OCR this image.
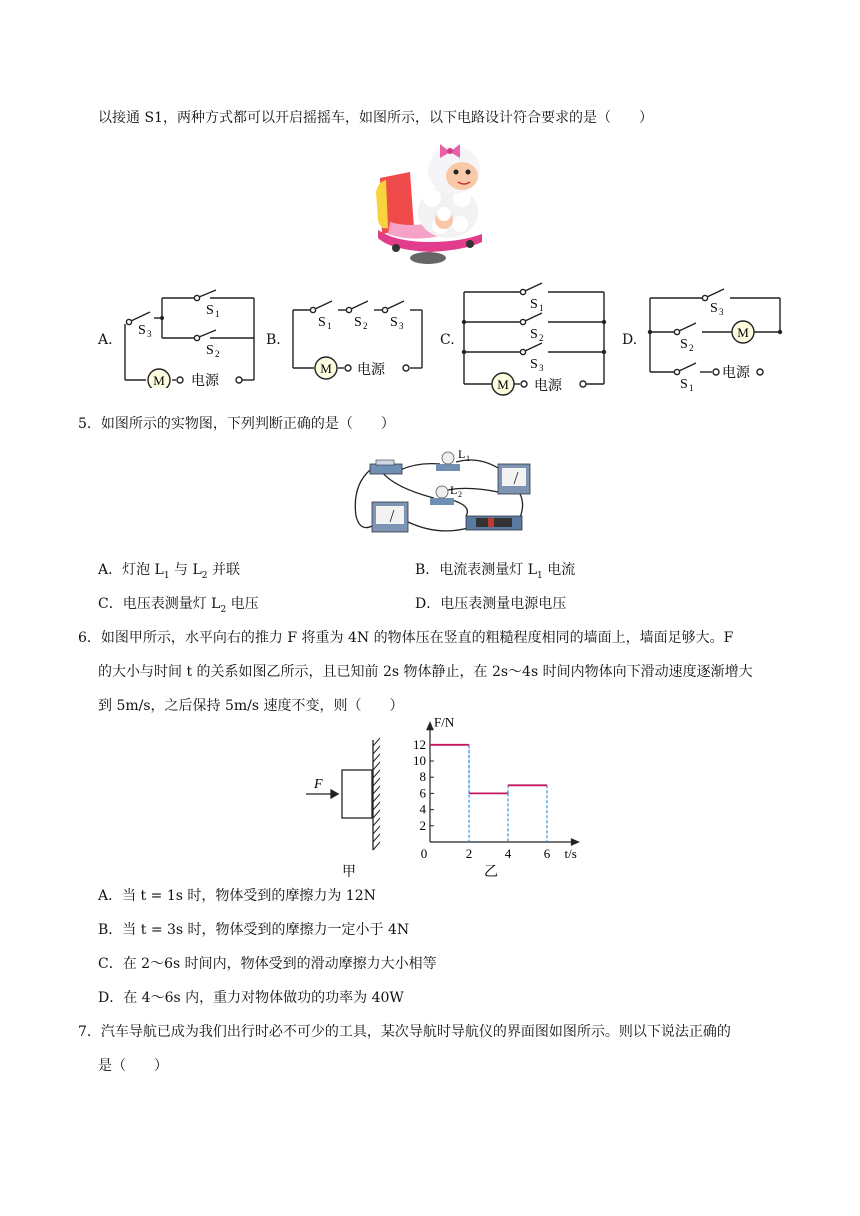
以接通 S1，两种方式都可以开启摇摇车，如图所示，以下电路设计符合要求的是（　　）
A.
M 电源
S 1
S 2
S 3	B.
M 电源
S 1 S 2 S 3
C.
M 电源
S 1
S 2
S 3
D.	M
电源
S 1
S 2
S 3
5．如图所示的实物图，下列判断正确的是（　　）
L 1
L 2
A．灯泡 $L_1$ 与 $L_2$ 并联	B．电流表测量灯 $L_1$ 电流
C．电压表测量灯 $L_2$ 电压	D．电压表测量电源电压
6．如图甲所示，水平向右的推力 F 将重为 4N 的物体压在竖直的粗糙程度相同的墙面上，墙面足够大。F
的大小与时间 t 的关系如图乙所示，且已知前 2s 物体静止，在 2s～4s 时间内物体向下滑动速度逐渐增大
到 5m/s，之后保持 5m/s 速度不变，则（　　）
F
甲
2
4
6
8
10
12
0	2	4	6
F/N
t/s
乙
A．当 t = 1s 时，物体受到的摩擦力为 12N
B．当 t = 3s 时，物体受到的摩擦力一定小于 4N
C．在 2～6s 时间内，物体受到的滑动摩擦力大小相等
D．在 4～6s 内，重力对物体做功的功率为 40W
7．汽车导航已成为我们出行时必不可少的工具，某次导航时导航仪的界面图如图所示。则以下说法正确的
是（　　）
